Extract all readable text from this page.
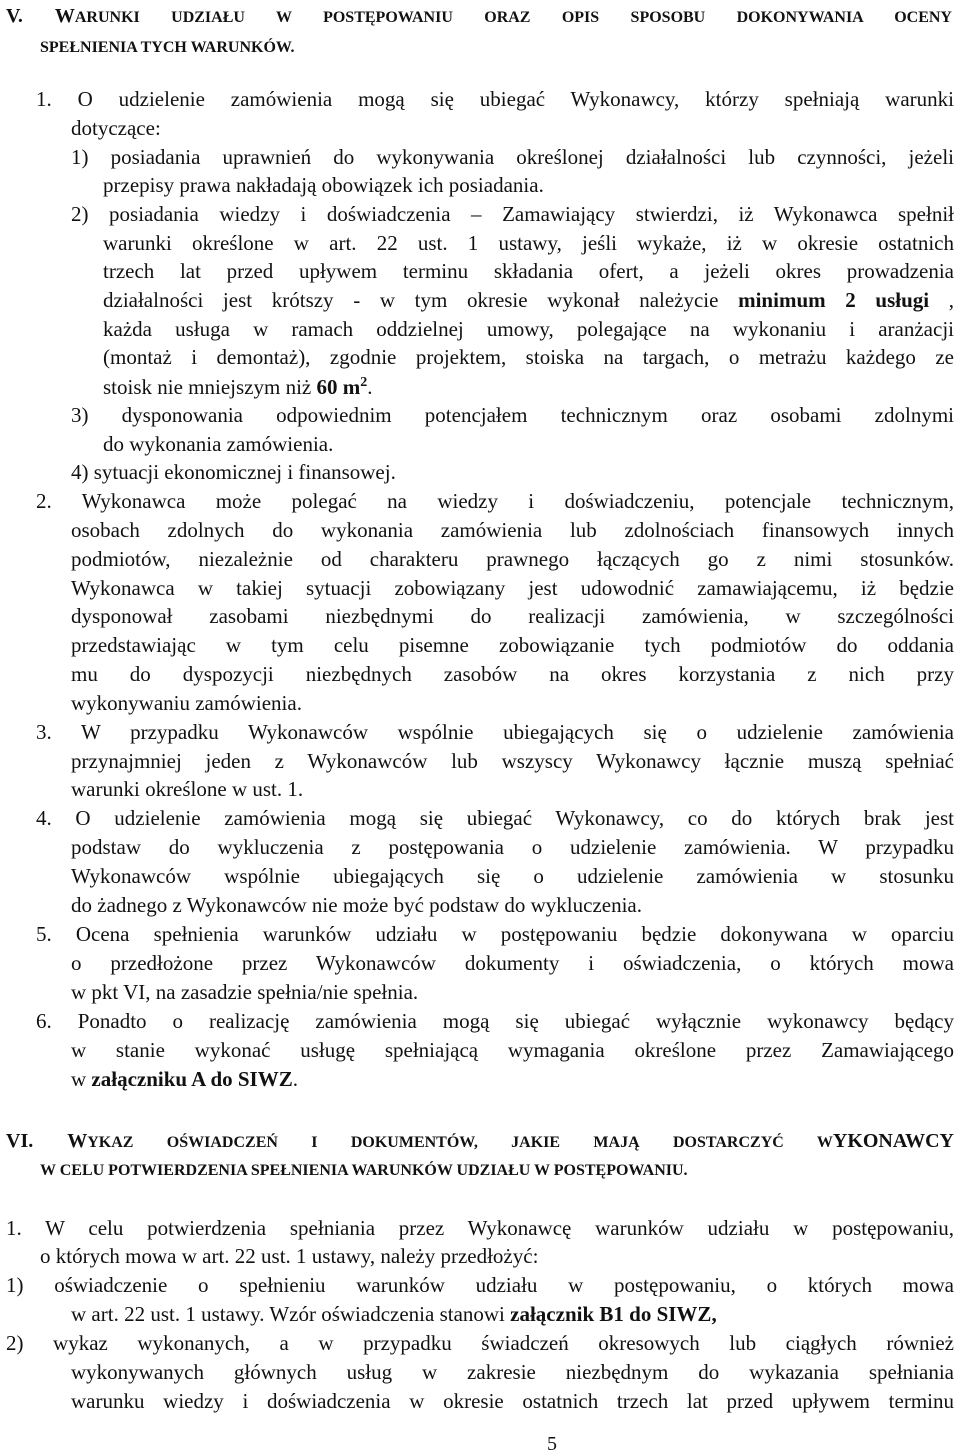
V. WARUNKI UDZIAŁU W POSTĘPOWANIU ORAZ OPIS SPOSOBU DOKONYWANIA OCENY
SPEŁNIENIA TYCH WARUNKÓW.
1. O udzielenie zamówienia mogą się ubiegać Wykonawcy, którzy spełniają warunki
dotyczące:
1) posiadania uprawnień do wykonywania określonej działalności lub czynności, jeżeli
przepisy prawa nakładają obowiązek ich posiadania.
2) posiadania wiedzy i doświadczenia – Zamawiający stwierdzi, iż Wykonawca spełnił
warunki określone w art. 22 ust. 1 ustawy, jeśli wykaże, iż w okresie ostatnich
trzech lat przed upływem terminu składania ofert, a jeżeli okres prowadzenia
działalności jest krótszy - w tym okresie wykonał należycie minimum 2 usługi ,
każda usługa w ramach oddzielnej umowy, polegające na wykonaniu i aranżacji
(montaż i demontaż), zgodnie projektem, stoiska na targach, o metrażu każdego ze
stoisk nie mniejszym niż 60 $m^2$.
3) dysponowania odpowiednim potencjałem technicznym oraz osobami zdolnymi
do wykonania zamówienia.
4) sytuacji ekonomicznej i finansowej.
2. Wykonawca może polegać na wiedzy i doświadczeniu, potencjale technicznym,
osobach zdolnych do wykonania zamówienia lub zdolnościach finansowych innych
podmiotów, niezależnie od charakteru prawnego łączących go z nimi stosunków.
Wykonawca w takiej sytuacji zobowiązany jest udowodnić zamawiającemu, iż będzie
dysponował zasobami niezbędnymi do realizacji zamówienia, w szczególności
przedstawiając w tym celu pisemne zobowiązanie tych podmiotów do oddania
mu do dyspozycji niezbędnych zasobów na okres korzystania z nich przy
wykonywaniu zamówienia.
3. W przypadku Wykonawców wspólnie ubiegających się o udzielenie zamówienia
przynajmniej jeden z Wykonawców lub wszyscy Wykonawcy łącznie muszą spełniać
warunki określone w ust. 1.
4. O udzielenie zamówienia mogą się ubiegać Wykonawcy, co do których brak jest
podstaw do wykluczenia z postępowania o udzielenie zamówienia. W przypadku
Wykonawców wspólnie ubiegających się o udzielenie zamówienia w stosunku
do żadnego z Wykonawców nie może być podstaw do wykluczenia.
5. Ocena spełnienia warunków udziału w postępowaniu będzie dokonywana w oparciu
o przedłożone przez Wykonawców dokumenty i oświadczenia, o których mowa
w pkt VI, na zasadzie spełnia/nie spełnia.
6. Ponadto o realizację zamówienia mogą się ubiegać wyłącznie wykonawcy będący
w stanie wykonać usługę spełniającą wymagania określone przez Zamawiającego
w załączniku A do SIWZ.
VI. WYKAZ OŚWIADCZEŃ I DOKUMENTÓW, JAKIE MAJĄ DOSTARCZYĆ WYKONAWCY
W CELU POTWIERDZENIA SPEŁNIENIA WARUNKÓW UDZIAŁU W POSTĘPOWANIU.
1. W celu potwierdzenia spełniania przez Wykonawcę warunków udziału w postępowaniu,
o których mowa w art. 22 ust. 1 ustawy, należy przedłożyć:
1) oświadczenie o spełnieniu warunków udziału w postępowaniu, o których mowa
w art. 22 ust. 1 ustawy. Wzór oświadczenia stanowi załącznik B1 do SIWZ,
2) wykaz wykonanych, a w przypadku świadczeń okresowych lub ciągłych również
wykonywanych głównych usług w zakresie niezbędnym do wykazania spełniania
warunku wiedzy i doświadczenia w okresie ostatnich trzech lat przed upływem terminu
5
